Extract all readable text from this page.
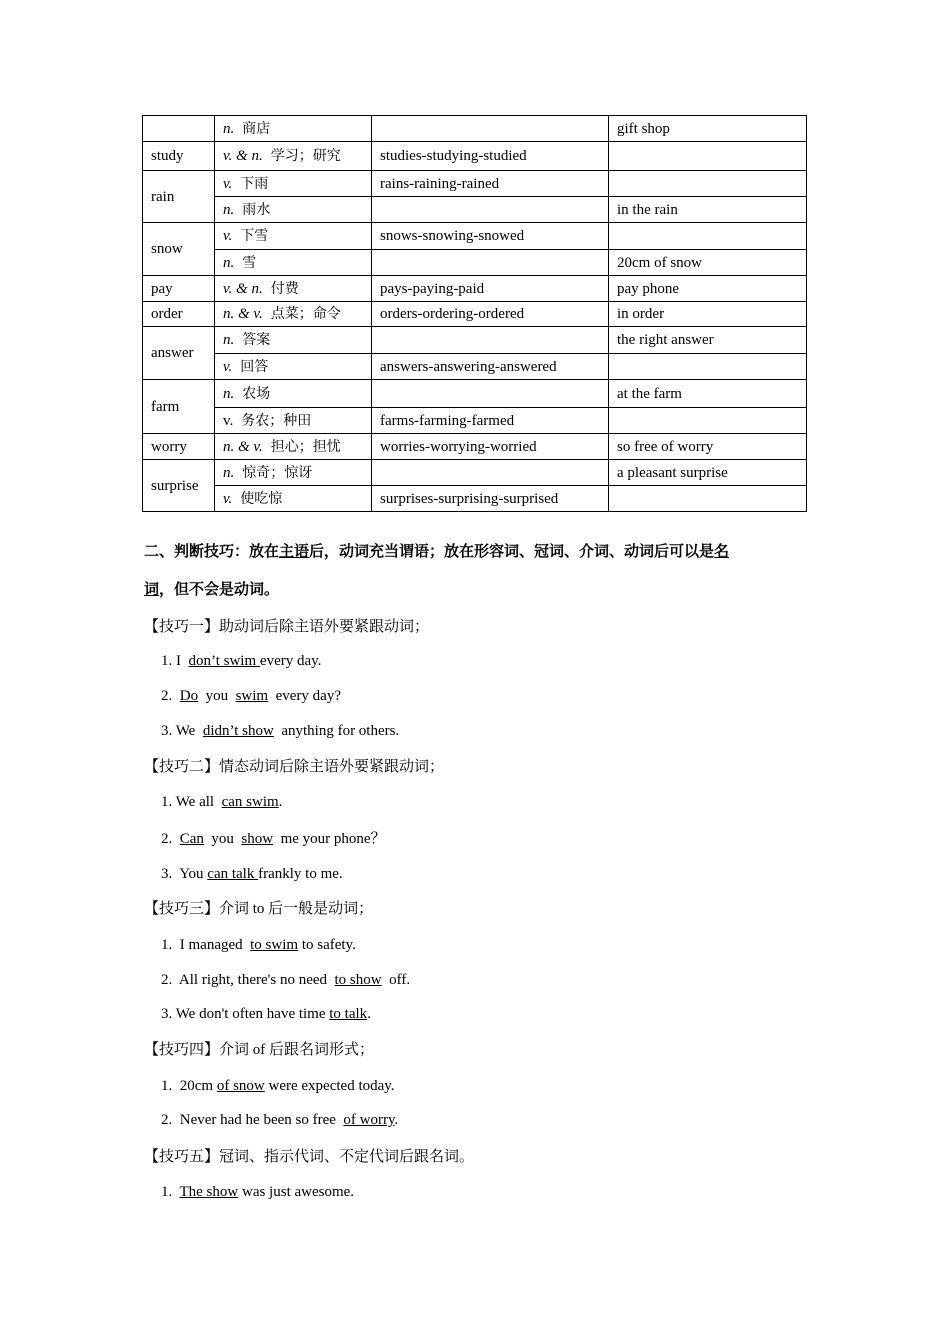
	n. 商店		gift shop
study	v. & n. 学习；研究	studies-studying-studied	
rain	v. 下雨	rains-raining-rained	
	n. 雨水		in the rain
snow	v. 下雪	snows-snowing-snowed	
	n. 雪		20cm of snow
pay	v. & n. 付费	pays-paying-paid	pay phone
order	n. & v. 点菜；命令	orders-ordering-ordered	in order
answer	n. 答案		the right answer
	v. 回答	answers-answering-answered	
farm	n. 农场		at the farm
	v. 务农；种田	farms-farming-farmed	
worry	n. & v. 担心；担忧	worries-worrying-worried	so free of worry
surprise	n. 惊奇；惊讶		a pleasant surprise
	v. 使吃惊	surprises-surprising-surprised	
二、判断技巧：放在主语后，动词充当谓语；放在形容词、冠词、介词、动词后可以是名
词，但不会是动词。
【技巧一】助动词后除主语外要紧跟动词；
1. I  don’t swim every day.
2.  Do  you  swim  every day?
3. We  didn’t show  anything for others.
【技巧二】情态动词后除主语外要紧跟动词；
1. We all  can swim.
2.  Can  you  show  me your phone？
3.  You can talk frankly to me.
【技巧三】介词 to 后一般是动词；
1.  I managed  to swim to safety.
2.  All right, there's no need  to show  off.
3. We don't often have time to talk.
【技巧四】介词 of 后跟名词形式；
1.  20cm of snow were expected today.
2.  Never had he been so free  of worry.
【技巧五】冠词、指示代词、不定代词后跟名词。
1.  The show was just awesome.
